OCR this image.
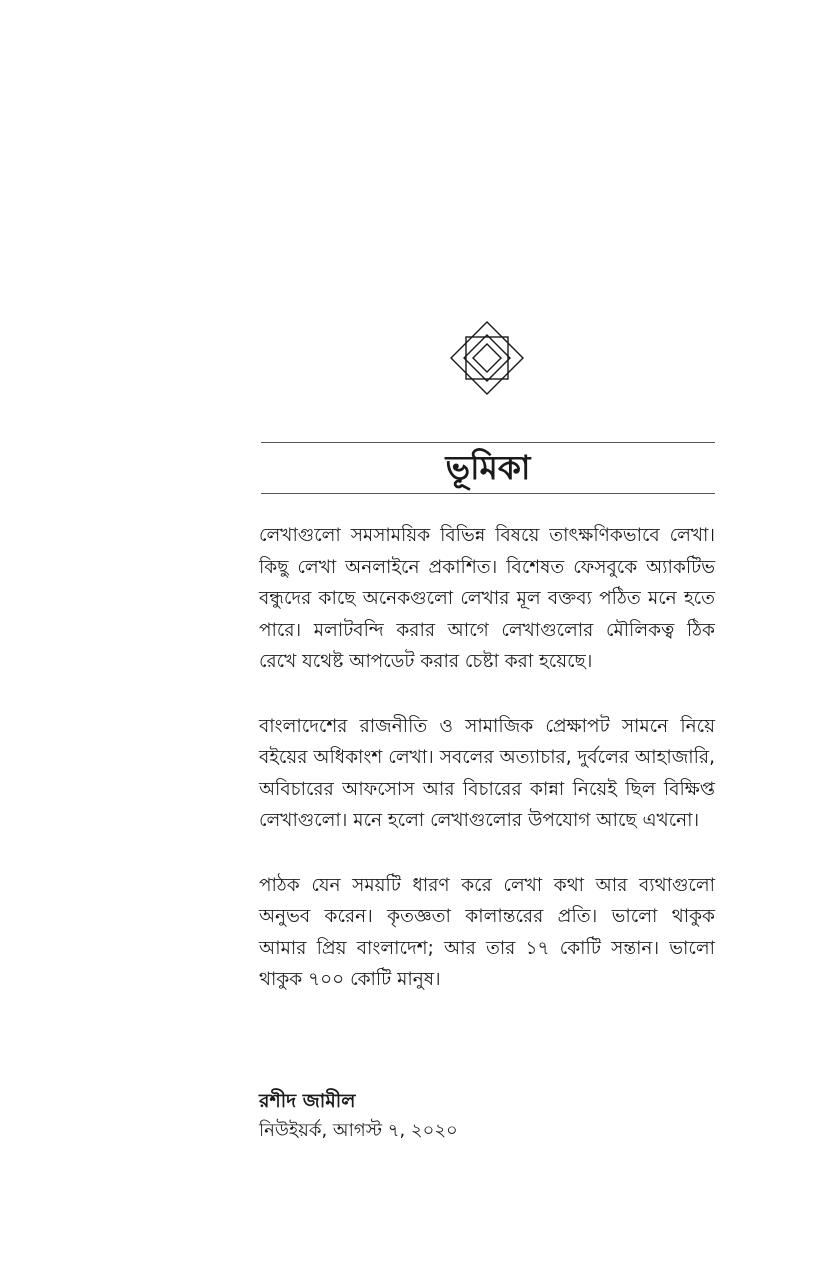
ভূমিকা

লেখাগুলো সমসাময়িক বিভিন্ন বিষয়ে তাৎক্ষণিকভাবে লেখা। কিছু লেখা অনলাইনে প্রকাশিত। বিশেষত ফেসবুকে অ্যাকটিভ বন্ধুদের কাছে অনেকগুলো লেখার মূল বক্তব্য পঠিত মনে হতে পারে। মলাটবন্দি করার আগে লেখাগুলোর মৌলিকত্ব ঠিক রেখে যথেষ্ট আপডেট করার চেষ্টা করা হয়েছে।

বাংলাদেশের রাজনীতি ও সামাজিক প্রেক্ষাপট সামনে নিয়ে বইয়ের অধিকাংশ লেখা। সবলের অত্যাচার, দুর্বলের আহাজারি, অবিচারের আফসোস আর বিচারের কান্না নিয়েই ছিল বিক্ষিপ্ত লেখাগুলো। মনে হলো লেখাগুলোর উপযোগ আছে এখনো।

পাঠক যেন সময়টি ধারণ করে লেখা কথা আর ব্যথাগুলো অনুভব করেন। কৃতজ্ঞতা কালান্তরের প্রতি। ভালো থাকুক আমার প্রিয় বাংলাদেশ; আর তার ১৭ কোটি সন্তান। ভালো থাকুক ৭০০ কোটি মানুষ।

রশীদ জামীল
নিউইয়র্ক, আগস্ট ৭, ২০২০
